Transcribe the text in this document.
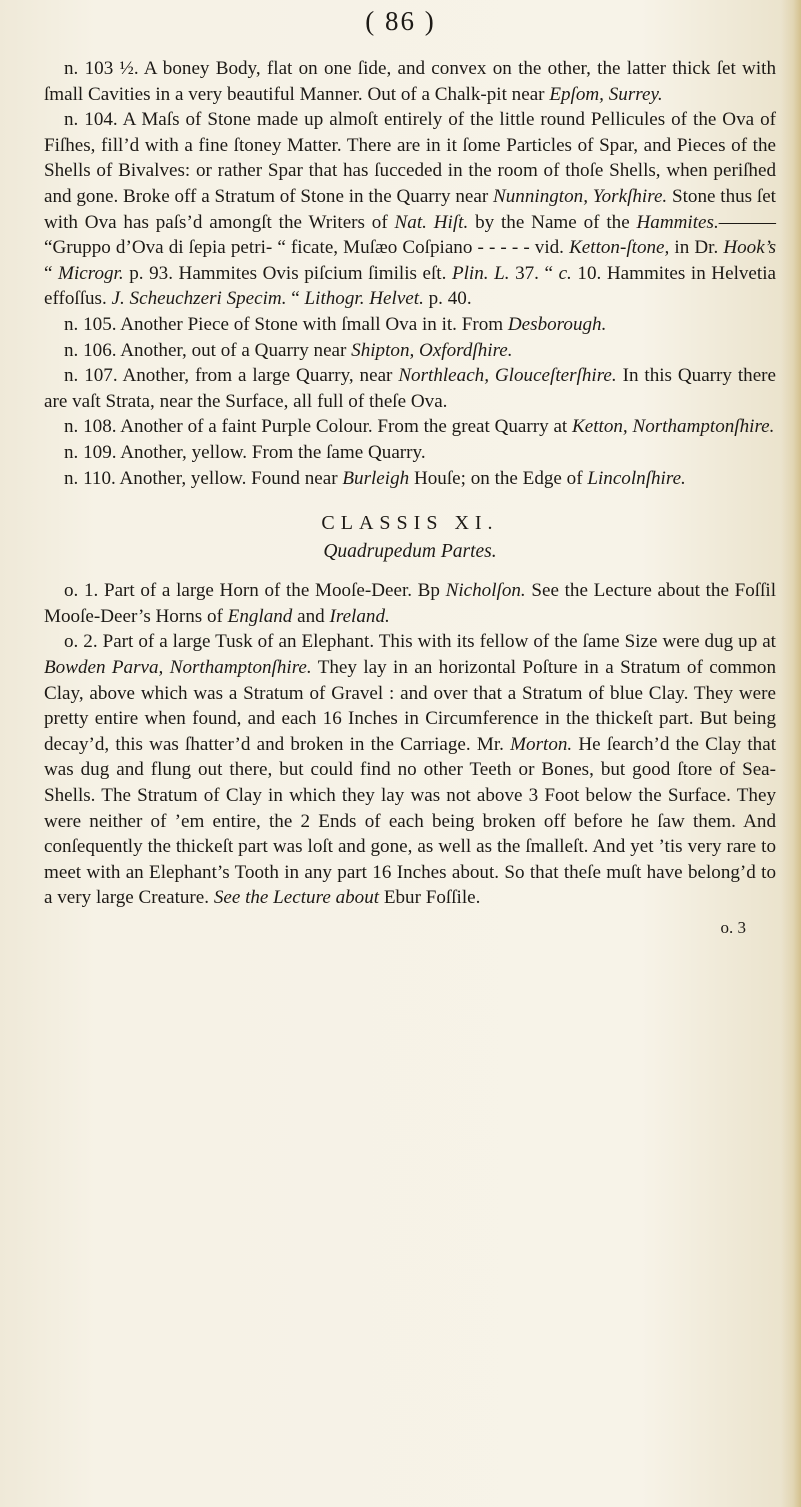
( 86 )

n. 103 ½. A boney Body, flat on one ſide, and convex on the other, the latter thick ſet with ſmall Cavities in a very beautiful Manner. Out of a Chalk-pit near Epſom, Surrey.

n. 104. A Maſs of Stone made up almoſt entirely of the little round Pellicules of the Ova of Fiſhes, fill’d with a fine ſtoney Matter. There are in it ſome Particles of Spar, and Pieces of the Shells of Bivalves: or rather Spar that has ſucceded in the room of thoſe Shells, when periſhed and gone. Broke off a Stratum of Stone in the Quarry near Nunnington, Yorkſhire. Stone thus ſet with Ova has paſs’d amongſt the Writers of Nat. Hiſt. by the Name of the Hammites.——— “Gruppo d’Ova di ſepia petri- “ ficate, Muſæo Coſpiano - - - - - vid. Ketton-ſtone, in Dr. Hook’s “ Microgr. p. 93. Hammites Ovis piſcium ſimilis eſt. Plin. L. 37. “ c. 10. Hammites in Helvetia effoſſus. J. Scheuchzeri Specim. “ Lithogr. Helvet. p. 40.

n. 105. Another Piece of Stone with ſmall Ova in it. From Desborough.

n. 106. Another, out of a Quarry near Shipton, Oxfordſhire.

n. 107. Another, from a large Quarry, near Northleach, Glouceſterſhire. In this Quarry there are vaſt Strata, near the Surface, all full of theſe Ova.

n. 108. Another of a faint Purple Colour. From the great Quarry at Ketton, Northamptonſhire.

n. 109. Another, yellow. From the ſame Quarry.

n. 110. Another, yellow. Found near Burleigh Houſe; on the Edge of Lincolnſhire.

CLASSIS XI.
Quadrupedum Partes.

o. 1. Part of a large Horn of the Mooſe-Deer. Bp Nicholſon. See the Lecture about the Foſſil Mooſe-Deer’s Horns of England and Ireland.

o. 2. Part of a large Tusk of an Elephant. This with its fellow of the ſame Size were dug up at Bowden Parva, Northamptonſhire. They lay in an horizontal Poſture in a Stratum of common Clay, above which was a Stratum of Gravel : and over that a Stratum of blue Clay. They were pretty entire when found, and each 16 Inches in Circumference in the thickeſt part. But being decay’d, this was ſhatter’d and broken in the Carriage. Mr. Morton. He ſearch’d the Clay that was dug and flung out there, but could find no other Teeth or Bones, but good ſtore of Sea-Shells. The Stratum of Clay in which they lay was not above 3 Foot below the Surface. They were neither of ’em entire, the 2 Ends of each being broken off before he ſaw them. And conſequently the thickeſt part was loſt and gone, as well as the ſmalleſt. And yet ’tis very rare to meet with an Elephant’s Tooth in any part 16 Inches about. So that theſe muſt have belong’d to a very large Creature. See the Lecture about Ebur Foſſile.

o. 3
